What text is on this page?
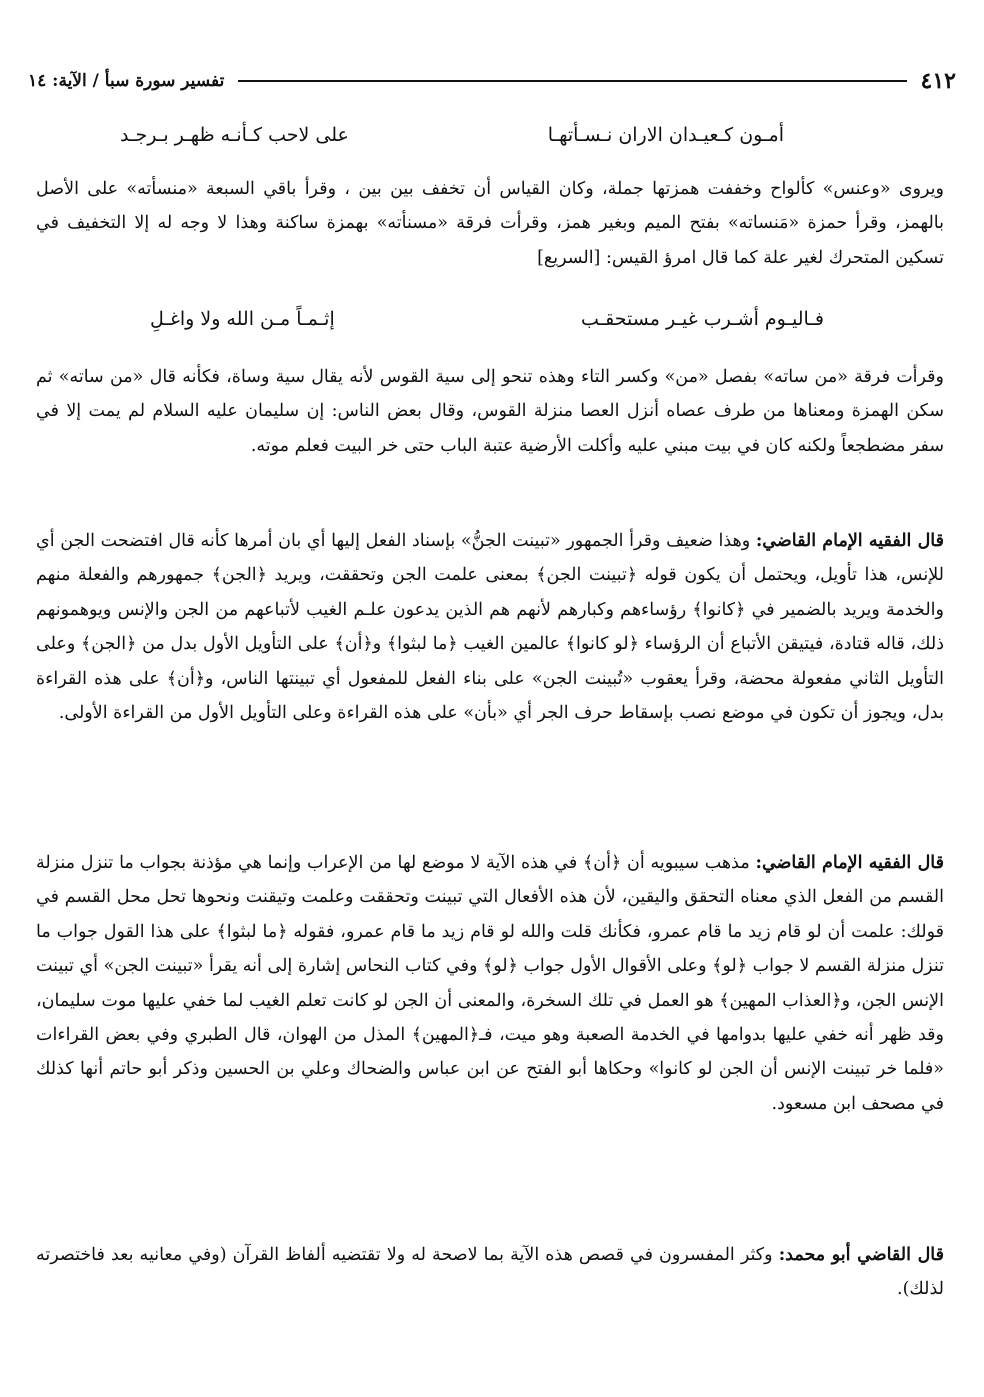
٤١٢
تفسير سورة سبأ / الآية: ١٤
أمـون كـعيـدان الاران نـسـأتهـا
على لاحب كـأنـه ظهـر بـرجـد

ويروى «وعنس» كألواح وخففت همزتها جملة، وكان القياس أن تخفف بين بين ، وقرأ باقي السبعة «منسأته» على الأصل بالهمز، وقرأ حمزة «مَنساته» بفتح الميم وبغير همز، وقرأت فرقة «مسنأته» بهمزة ساكنة وهذا لا وجه له إلا التخفيف في تسكين المتحرك لغير علة كما قال امرؤ القيس: [السريع]

فـاليـوم أشـرب غيـر مستحقـب
إثـمـاً مـن الله ولا واغـلِ

وقرأت فرقة «من ساته» بفصل «من» وكسر التاء وهذه تنحو إلى سية القوس لأنه يقال سية وساة، فكأنه قال «من ساته» ثم سكن الهمزة ومعناها من طرف عصاه أنزل العصا منزلة القوس، وقال بعض الناس: إن سليمان عليه السلام لم يمت إلا في سفر مضطجعاً ولكنه كان في بيت مبني عليه وأكلت الأرضية عتبة الباب حتى خر البيت فعلم موته.

قال الفقيه الإمام القاضي: وهذا ضعيف وقرأ الجمهور «تبينت الجنُّ» بإسناد الفعل إليها أي بان أمرها كأنه قال افتضحت الجن أي للإنس، هذا تأويل، ويحتمل أن يكون قوله ﴿تبينت الجن﴾ بمعنى علمت الجن وتحققت، ويريد ﴿الجن﴾ جمهورهم والفعلة منهم والخدمة ويريد بالضمير في ﴿كانوا﴾ رؤساءهم وكبارهم لأنهم هم الذين يدعون علـم الغيب لأتباعهم من الجن والإنس ويوهمونهم ذلك، قاله قتادة، فيتيقن الأتباع أن الرؤساء ﴿لو كانوا﴾ عالمين الغيب ﴿ما لبثوا﴾ و﴿أن﴾ على التأويل الأول بدل من ﴿الجن﴾ وعلى التأويل الثاني مفعولة محضة، وقرأ يعقوب «تُبينت الجن» على بناء الفعل للمفعول أي تبينتها الناس، و﴿أن﴾ على هذه القراءة بدل، ويجوز أن تكون في موضع نصب بإسقاط حرف الجر أي «بأن» على هذه القراءة وعلى التأويل الأول من القراءة الأولى.

قال الفقيه الإمام القاضي: مذهب سيبويه أن ﴿أن﴾ في هذه الآية لا موضع لها من الإعراب وإنما هي مؤذنة بجواب ما تنزل منزلة القسم من الفعل الذي معناه التحقق واليقين، لأن هذه الأفعال التي تبينت وتحققت وعلمت وتيقنت ونحوها تحل محل القسم في قولك: علمت أن لو قام زيد ما قام عمرو، فكأنك قلت والله لو قام زيد ما قام عمرو، فقوله ﴿ما لبثوا﴾ على هذا القول جواب ما تنزل منزلة القسم لا جواب ﴿لو﴾ وعلى الأقوال الأول جواب ﴿لو﴾ وفي كتاب النحاس إشارة إلى أنه يقرأ «تبينت الجن» أي تبينت الإنس الجن، و﴿العذاب المهين﴾ هو العمل في تلك السخرة، والمعنى أن الجن لو كانت تعلم الغيب لما خفي عليها موت سليمان، وقد ظهر أنه خفي عليها بدوامها في الخدمة الصعبة وهو ميت، فـ﴿المهين﴾ المذل من الهوان، قال الطبري وفي بعض القراءات «فلما خر تبينت الإنس أن الجن لو كانوا» وحكاها أبو الفتح عن ابن عباس والضحاك وعلي بن الحسين وذكر أبو حاتم أنها كذلك في مصحف ابن مسعود.

قال القاضي أبو محمد: وكثر المفسرون في قصص هذه الآية بما لاصحة له ولا تقتضيه ألفاظ القرآن (وفي معانيه بعد فاختصرته لذلك).
